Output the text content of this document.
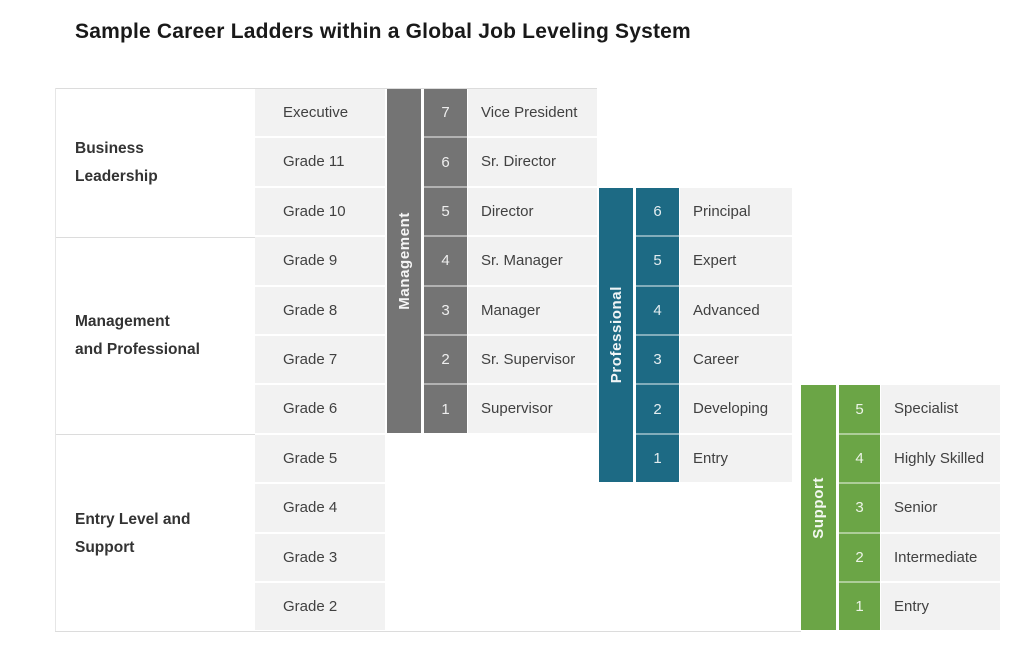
Sample Career Ladders within a Global Job Leveling System
Business
Leadership
Management
and Professional
Entry Level and
Support
Executive
Grade 11
Grade 10
Grade 9
Grade 8
Grade 7
Grade 6
Grade 5
Grade 4
Grade 3
Grade 2
Management
7
6
5
4
3
2
1
Vice President
Sr. Director
Director
Sr. Manager
Manager
Sr. Supervisor
Supervisor
Professional
6
5
4
3
2
1
Principal
Expert
Advanced
Career
Developing
Entry
Support
5
4
3
2
1
Specialist
Highly Skilled
Senior
Intermediate
Entry
